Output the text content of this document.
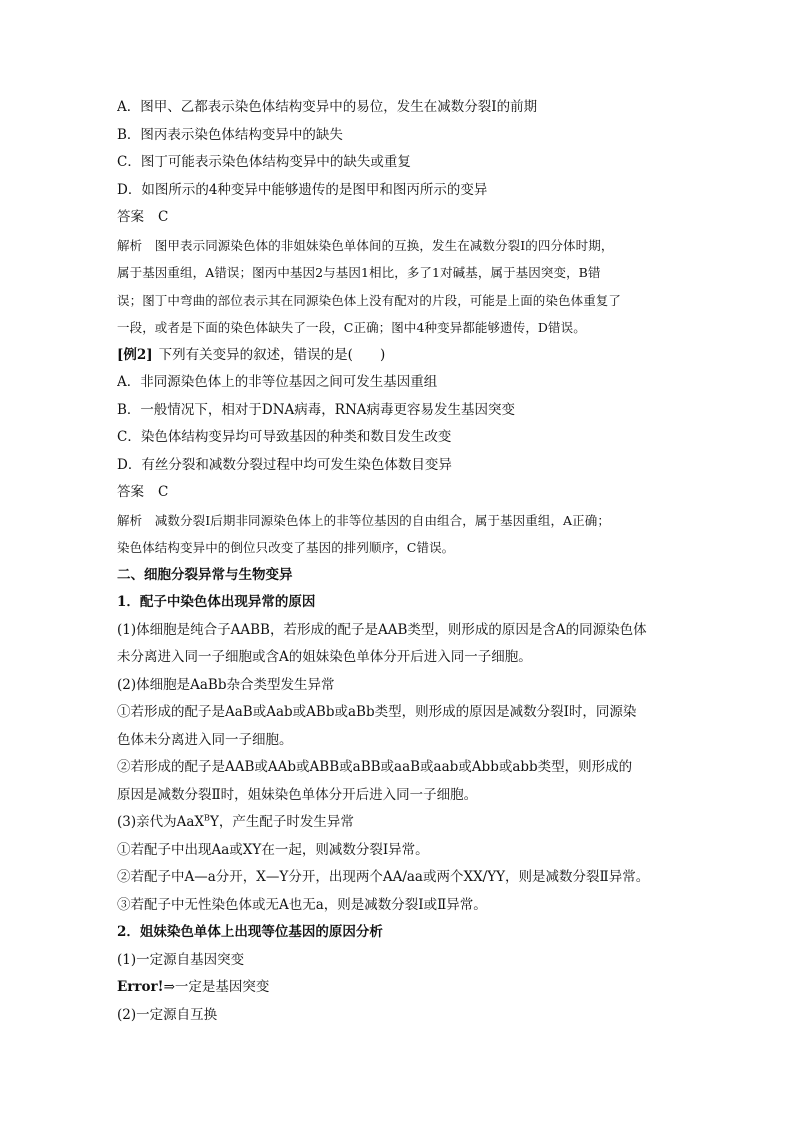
A．图甲、乙都表示染色体结构变异中的易位，发生在减数分裂Ⅰ的前期
B．图丙表示染色体结构变异中的缺失
C．图丁可能表示染色体结构变异中的缺失或重复
D．如图所示的4种变异中能够遗传的是图甲和图丙所示的变异
答案 C
解析　图甲表示同源染色体的非姐妹染色单体间的互换，发生在减数分裂Ⅰ的四分体时期，
属于基因重组，A错误；图丙中基因2与基因1相比，多了1对碱基，属于基因突变，B错
误；图丁中弯曲的部位表示其在同源染色体上没有配对的片段，可能是上面的染色体重复了
一段，或者是下面的染色体缺失了一段，C正确；图中4种变异都能够遗传，D错误。
[例2] 下列有关变异的叙述，错误的是(　　)
A．非同源染色体上的非等位基因之间可发生基因重组
B．一般情况下，相对于DNA病毒，RNA病毒更容易发生基因突变
C．染色体结构变异均可导致基因的种类和数目发生改变
D．有丝分裂和减数分裂过程中均可发生染色体数目变异
答案 C
解析　减数分裂Ⅰ后期非同源染色体上的非等位基因的自由组合，属于基因重组，A正确；
染色体结构变异中的倒位只改变了基因的排列顺序，C错误。
二、细胞分裂异常与生物变异
1．配子中染色体出现异常的原因
(1)体细胞是纯合子AABB，若形成的配子是AAB类型，则形成的原因是含A的同源染色体
未分离进入同一子细胞或含A的姐妹染色单体分开后进入同一子细胞。
(2)体细胞是AaBb杂合类型发生异常
①若形成的配子是AaB或Aab或ABb或aBb类型，则形成的原因是减数分裂Ⅰ时，同源染
色体未分离进入同一子细胞。
②若形成的配子是AAB或AAb或ABB或aBB或aaB或aab或Abb或abb类型，则形成的
原因是减数分裂Ⅱ时，姐妹染色单体分开后进入同一子细胞。
(3)亲代为AaX$^B$Y，产生配子时发生异常
①若配子中出现Aa或XY在一起，则减数分裂Ⅰ异常。
②若配子中A—a分开，X—Y分开，出现两个AA/aa或两个XX/YY，则是减数分裂Ⅱ异常。
③若配子中无性染色体或无A也无a，则是减数分裂Ⅰ或Ⅱ异常。
2．姐妹染色单体上出现等位基因的原因分析
(1)一定源自基因突变
Error!⇒一定是基因突变
(2)一定源自互换
